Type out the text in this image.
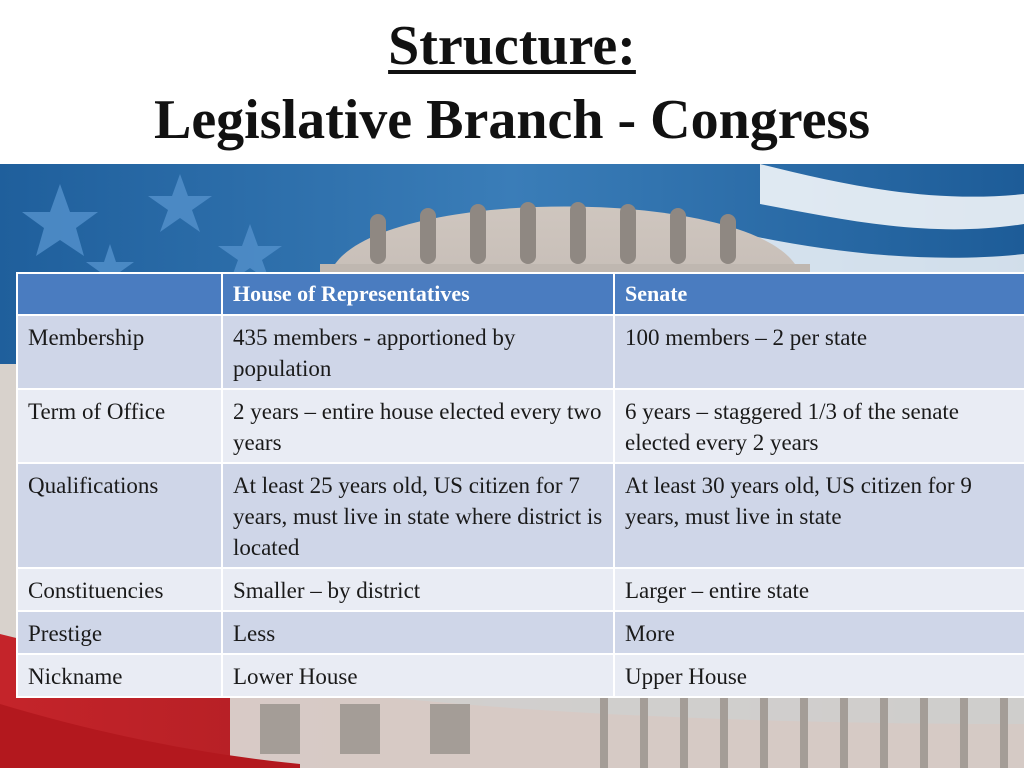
Structure:
Legislative Branch - Congress
	House of Representatives	Senate
Membership	435 members - apportioned by population	100 members – 2 per state
Term of Office	2 years – entire house elected every two years	6 years – staggered 1/3 of the senate elected every 2 years
Qualifications	At least 25 years old, US citizen for 7 years, must live in state where district is located	At least 30 years old, US citizen for 9 years, must live in state
Constituencies	Smaller – by district	Larger – entire state
Prestige	Less	More
Nickname	Lower House	Upper House
